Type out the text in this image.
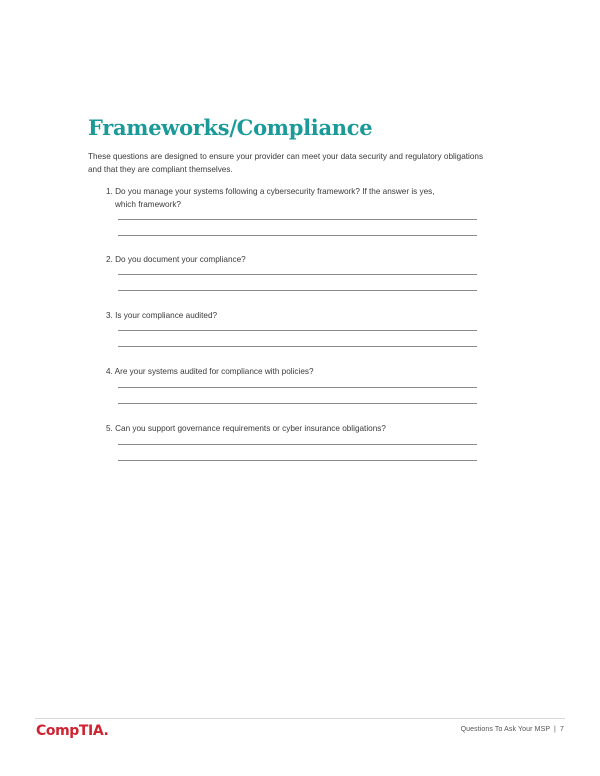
Frameworks/Compliance

These questions are designed to ensure your provider can meet your data security and regulatory obligations and that they are compliant themselves.

1. Do you manage your systems following a cybersecurity framework? If the answer is yes,
which framework?
2. Do you document your compliance?
3. Is your compliance audited?
4. Are your systems audited for compliance with policies?
5. Can you support governance requirements or cyber insurance obligations?
CompTIA.	Questions To Ask Your MSP | 7
